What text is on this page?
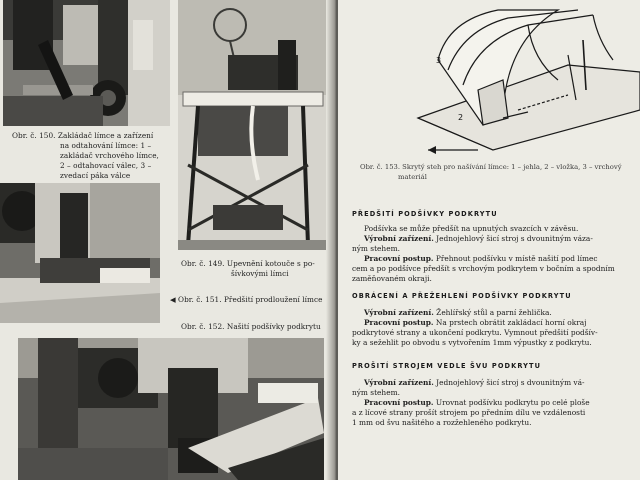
Obr. č. 150. Zakládač límce a zařízení
na odtahování límce: 1 –
zakládač vrchového límce,
2 – odtahovací válec, 3 –
zvedací páka válce
Obr. č. 149. Upevnění kotouče s po-
šívkovými límci
◀ Obr. č. 151. Předšití prodloužení límce
Obr. č. 152. Našití podšívky podkrytu
3
2
Obr. č. 153. Skrytý steh pro našívání límce: 1 – jehla, 2 – vložka, 3 – vrchový
materiál
PŘEDŠITÍ PODŠÍVKY PODKRYTU
Podšívka se může předšít na upnutých svazcích v závěsu.
Výrobní zařízení. Jednojehlový šicí stroj s dvounitným váza-
ným stehem.
Pracovní postup. Přehnout podšívku v místě našití pod límec
cem a po podšívce předšít s vrchovým podkrytem v bočním a spodním
zaměňovaném okraji.
OBRÁCENÍ A PŘEŽEHLENÍ PODŠÍVKY PODKRYTU
Výrobní zařízení. Žehlířský stůl a parní žehlička.
Pracovní postup. Na prstech obrátit zakládací horní okraj
podkrytové strany a ukončení podkrytu. Vymnout předšití podšív-
ky a sežehlit po obvodu s vytvořením 1mm výpustky z podkrytu.
PROŠITÍ STROJEM VEDLE ŠVU PODKRYTU
Výrobní zařízení. Jednojehlový šicí stroj s dvounitným vá-
ným stehem.
Pracovní postup. Urovnat podšívku podkrytu po celé ploše
a z lícové strany prošít strojem po předním dílu ve vzdálenosti
1 mm od švu našitého a rozžehleného podkrytu.
